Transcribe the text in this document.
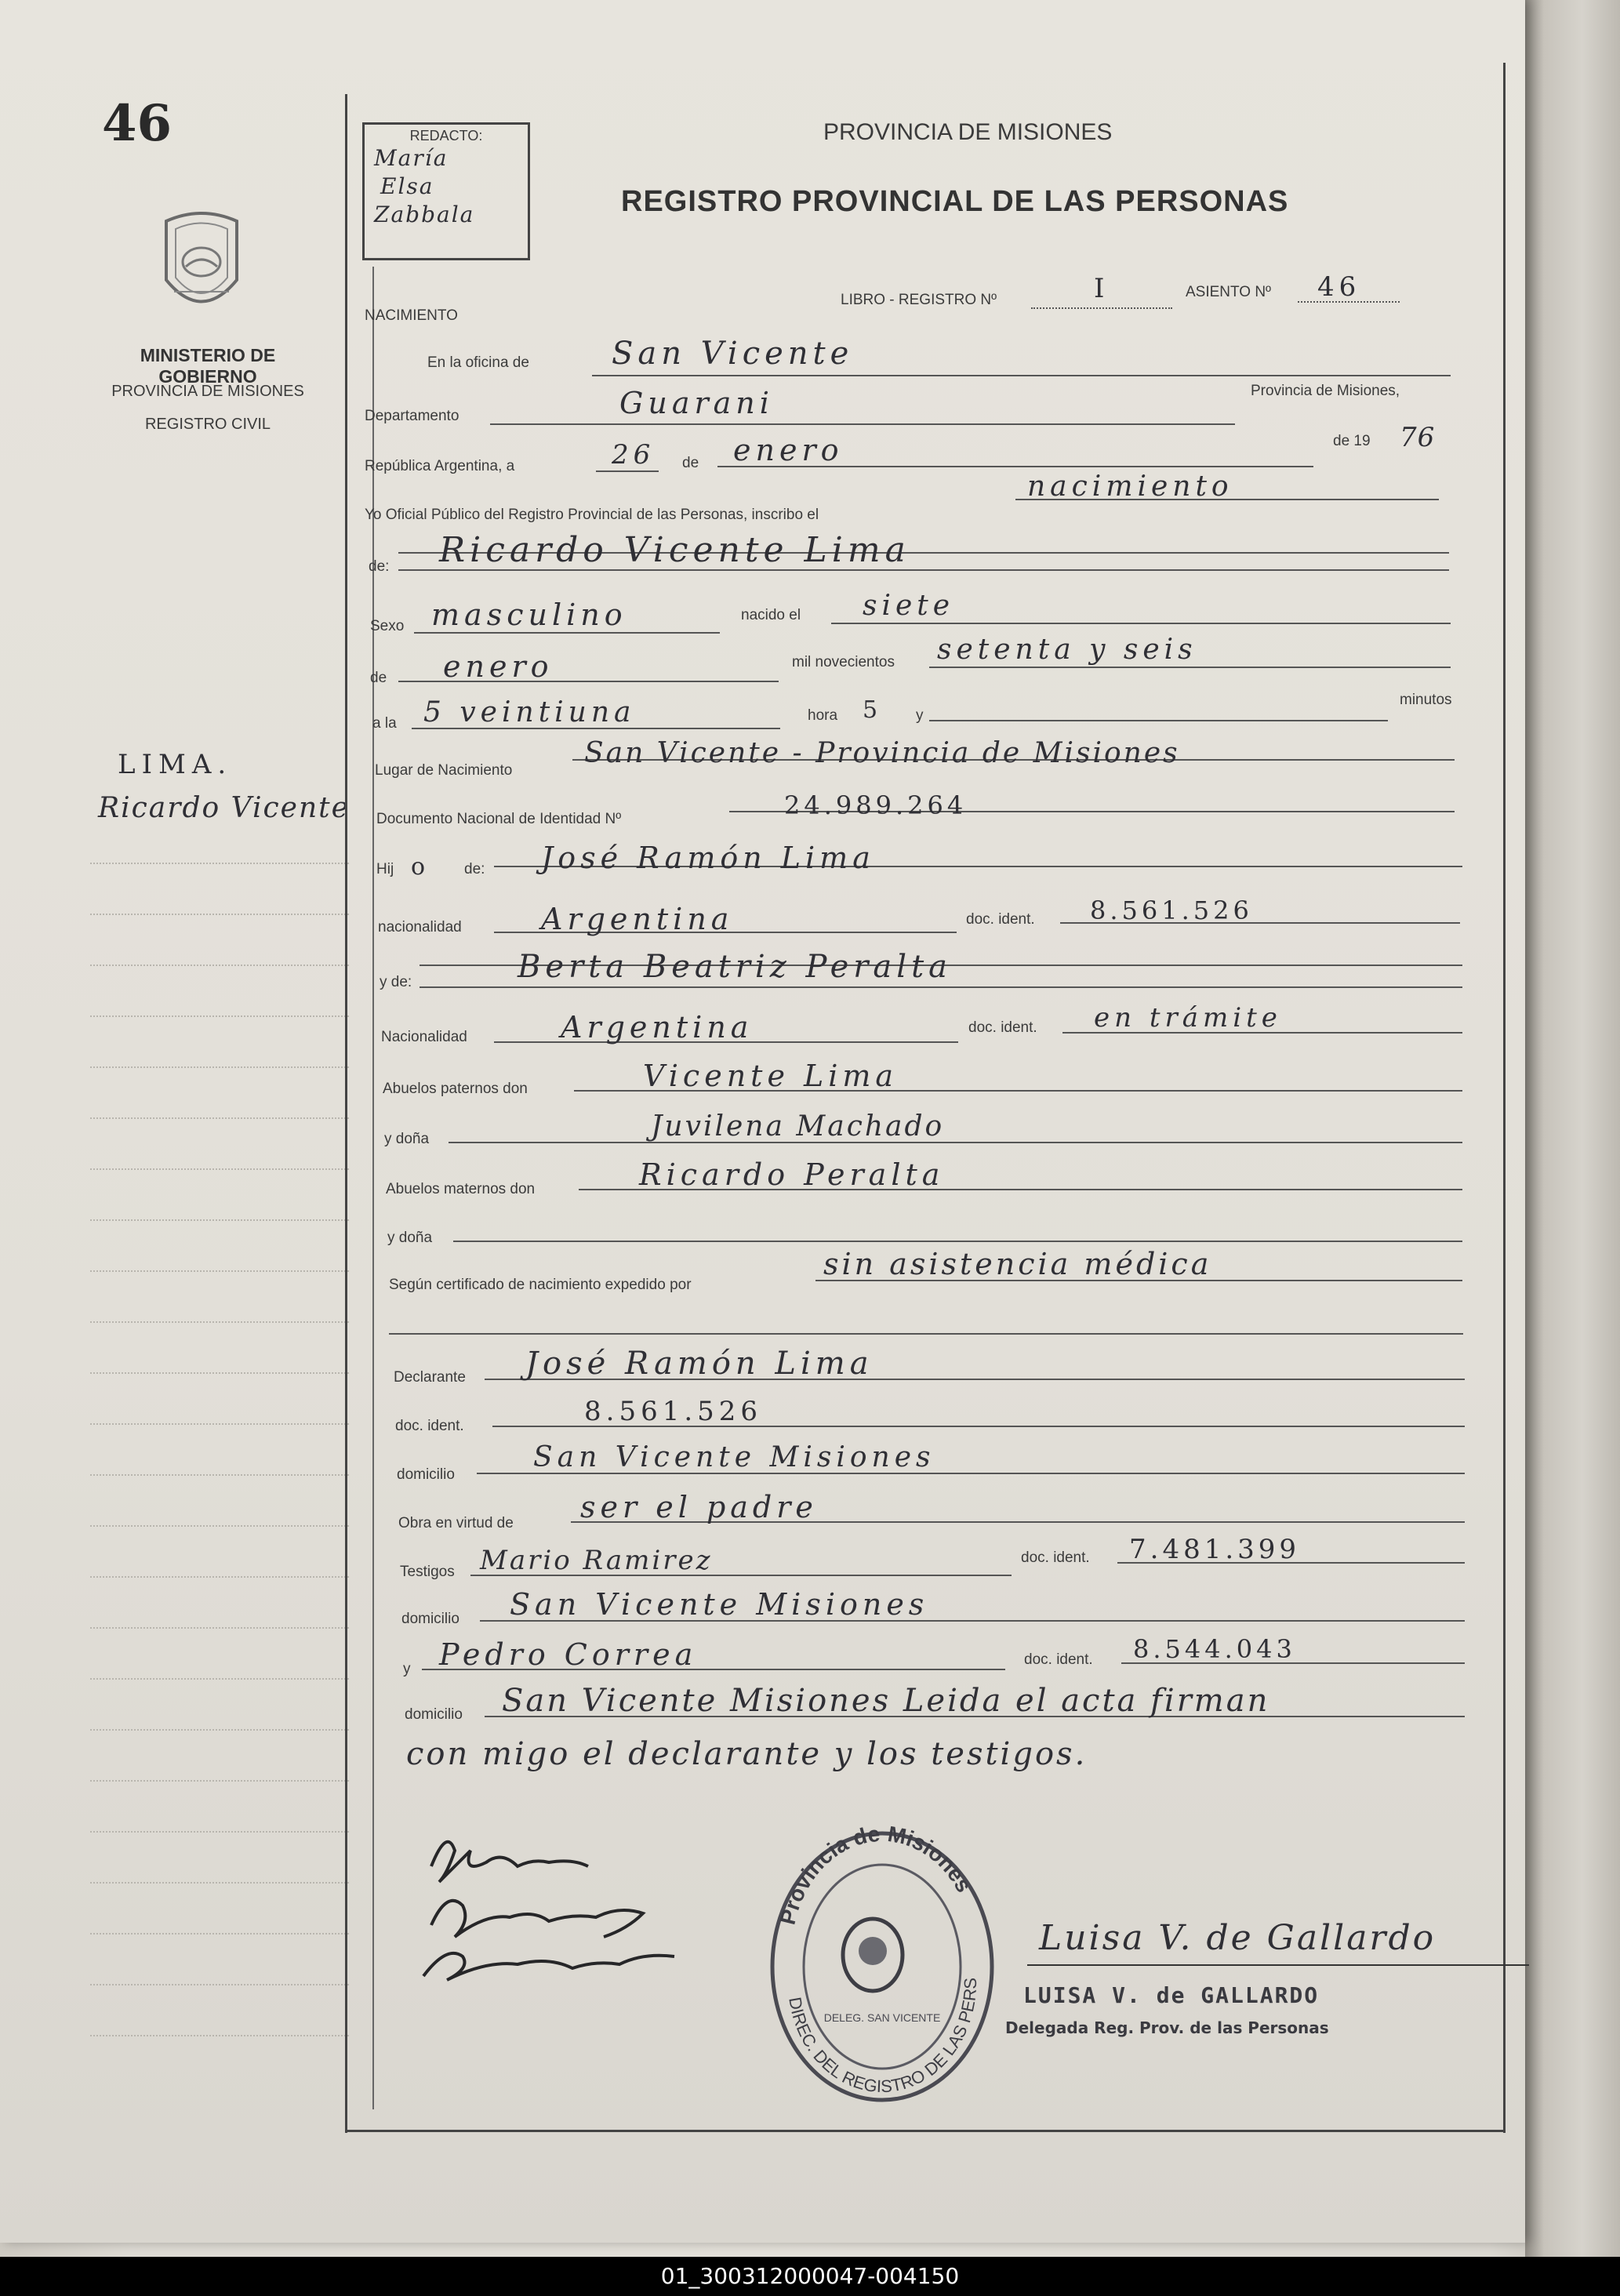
46
MINISTERIO DE GOBIERNO
PROVINCIA DE MISIONES
REGISTRO CIVIL
LIMA.
Ricardo Vicente
REDACTO:
María
Elsa
Zabbala
PROVINCIA DE MISIONES
REGISTRO PROVINCIAL DE LAS PERSONAS
NACIMIENTO
LIBRO - REGISTRO Nº	I	ASIENTO Nº 46
En la oficina de	San Vicente
Departamento	Guarani	Provincia de Misiones,
República Argentina, a	26 de enero	de 19 76
Yo Oficial Público del Registro Provincial de las Personas, inscribo el
nacimiento
de: Ricardo Vicente Lima
Sexo masculino	nacido el siete
de enero	mil novecientos setenta y seis
a la 5 veintiuna	hora 5 y
minutos
Lugar de Nacimiento
San Vicente - Provincia de Misiones
Documento Nacional de Identidad Nº	24.989.264
Hij o de: José Ramón Lima
nacionalidad	Argentina	doc. ident. 8.561.526
y de:	Berta Beatriz Peralta
Nacionalidad	Argentina	doc. ident. en trámite
Abuelos paternos don	Vicente Lima
y doña	Juvilena Machado
Abuelos maternos don	Ricardo Peralta
y doña
Según certificado de nacimiento expedido por
sin asistencia médica
Declarante José Ramón Lima
doc. ident.	8.561.526
domicilio
San Vicente Misiones
Obra en virtud de ser el padre
Testigos Mario Ramirez	doc. ident. 7.481.399
domicilio San Vicente Misiones
y Pedro Correa	doc. ident. 8.544.043
domicilio San Vicente Misiones Leida el acta firman
con migo el declarante y los testigos.
Provincia de Misiones
DIREC. DEL REGISTRO DE LAS PERS
DELEG. SAN VICENTE
Luisa V. de Gallardo
LUISA V. de GALLARDO
Delegada Reg. Prov. de las Personas
01_300312000047-004150
